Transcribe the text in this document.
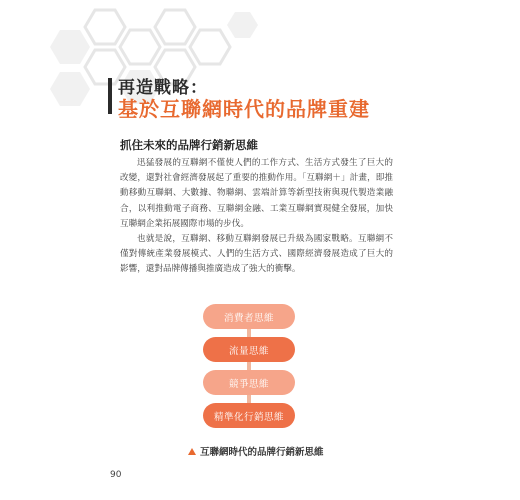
再造戰略：
基於互聯網時代的品牌重建
抓住未來的品牌行銷新思維

迅猛發展的互聯網不僅使人們的工作方式、生活方式發生了巨大的改變，還對社會經濟發展起了重要的推動作用。「互聯網＋」計畫，即推動移動互聯網、大數據、物聯網、雲端計算等新型技術與現代製造業融合，以利推動電子商務、互聯網金融、工業互聯網實現健全發展，加快互聯網企業拓展國際市場的步伐。

也就是說，互聯網、移動互聯網發展已升級為國家戰略。互聯網不僅對傳統產業發展模式、人們的生活方式、國際經濟發展造成了巨大的影響，還對品牌傳播與推廣造成了強大的衝擊。

消費者思維
流量思維
競爭思維
精準化行銷思維
互聯網時代的品牌行銷新思維
90
